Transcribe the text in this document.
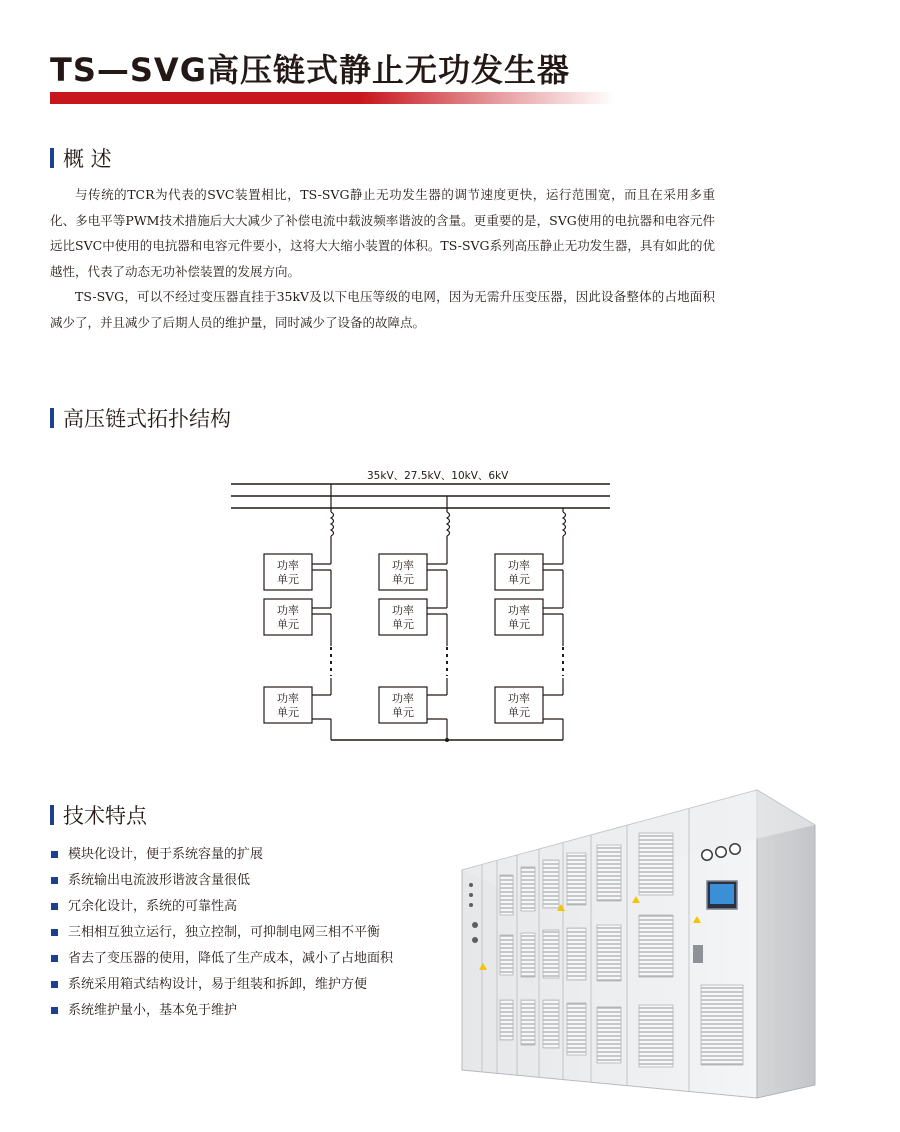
TS—SVG高压链式静止无功发生器
概 述

与传统的TCR为代表的SVC装置相比，TS-SVG静止无功发生器的调节速度更快，运行范围宽，而且在采用多重化、多电平等PWM技术措施后大大减少了补偿电流中载波频率谐波的含量。更重要的是，SVG使用的电抗器和电容元件远比SVC中使用的电抗器和电容元件要小，这将大大缩小装置的体积。TS-SVG系列高压静止无功发生器，具有如此的优越性，代表了动态无功补偿装置的发展方向。

TS-SVG，可以不经过变压器直挂于35kV及以下电压等级的电网，因为无需升压变压器，因此设备整体的占地面积减少了，并且减少了后期人员的维护量，同时减少了设备的故障点。

高压链式拓扑结构
35kV、27.5kV、10kV、6kV
功率
单元
功率
单元
功率
单元
功率
单元
功率
单元
功率
单元
功率
单元
功率
单元
功率
单元
技术特点
模块化设计，便于系统容量的扩展
系统输出电流波形谐波含量很低
冗余化设计，系统的可靠性高
三相相互独立运行，独立控制，可抑制电网三相不平衡
省去了变压器的使用，降低了生产成本，减小了占地面积
系统采用箱式结构设计，易于组装和拆卸，维护方便
系统维护量小，基本免于维护
